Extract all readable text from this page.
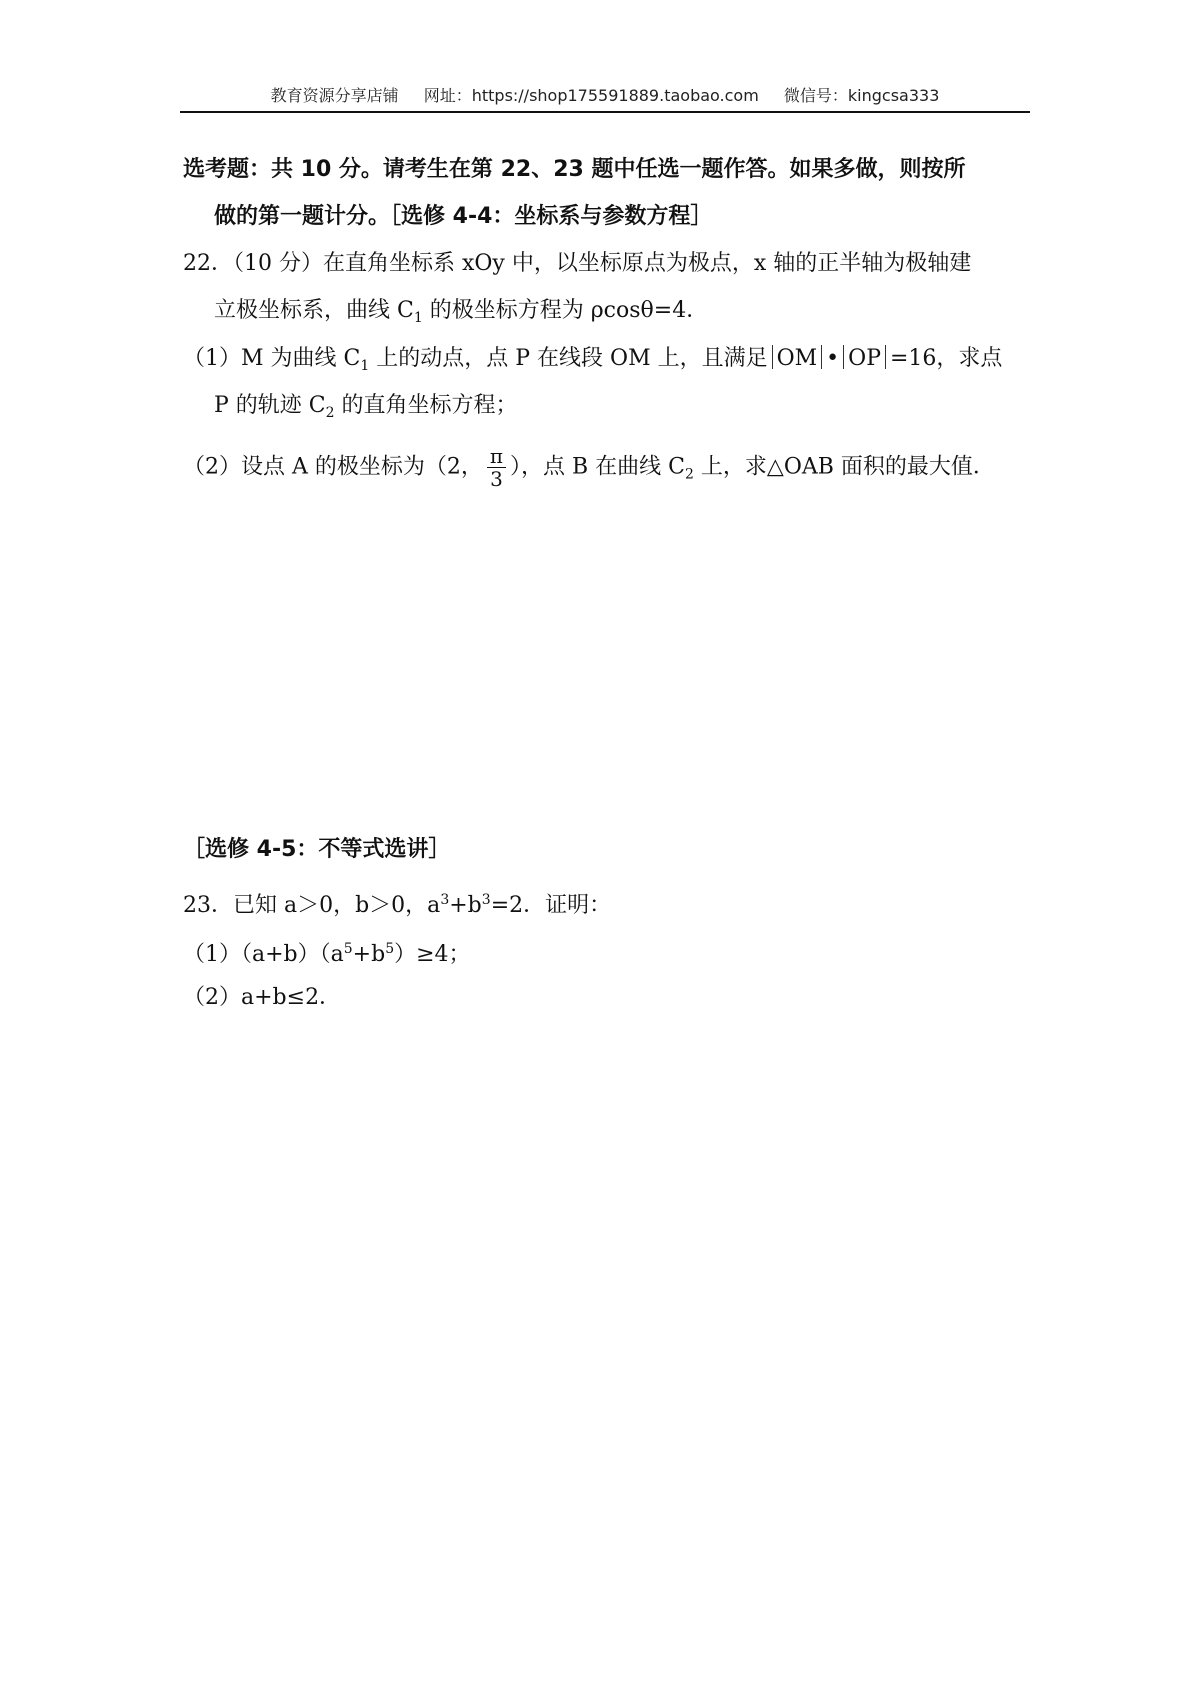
教育资源分享店铺 网址：https://shop175591889.taobao.com 微信号：kingcsa333
选考题：共 10 分。请考生在第 22、23 题中任选一题作答。如果多做，则按所
做的第一题计分。［选修 4-4：坐标系与参数方程］
22．（10 分）在直角坐标系 xOy 中，以坐标原点为极点，x 轴的正半轴为极轴建
立极坐标系，曲线 $C_1$ 的极坐标方程为 ρcosθ=4．
（1）M 为曲线 $C_1$ 上的动点，点 P 在线段 OM 上，且满足 OM • OP =16，求点
P 的轨迹 $C_2$ 的直角坐标方程；
（2）设点 A 的极坐标为（2， $\frac{\pi}{3}$ ），点 B 在曲线 $C_2$ 上，求△OAB 面积的最大值．
［选修 4-5：不等式选讲］
23．已知 a＞0，b＞0，$a^3+b^3=2$．证明：
$(1)(a+b)(a^5+b^5)\ge 4$；
（2）a+b≤2．
